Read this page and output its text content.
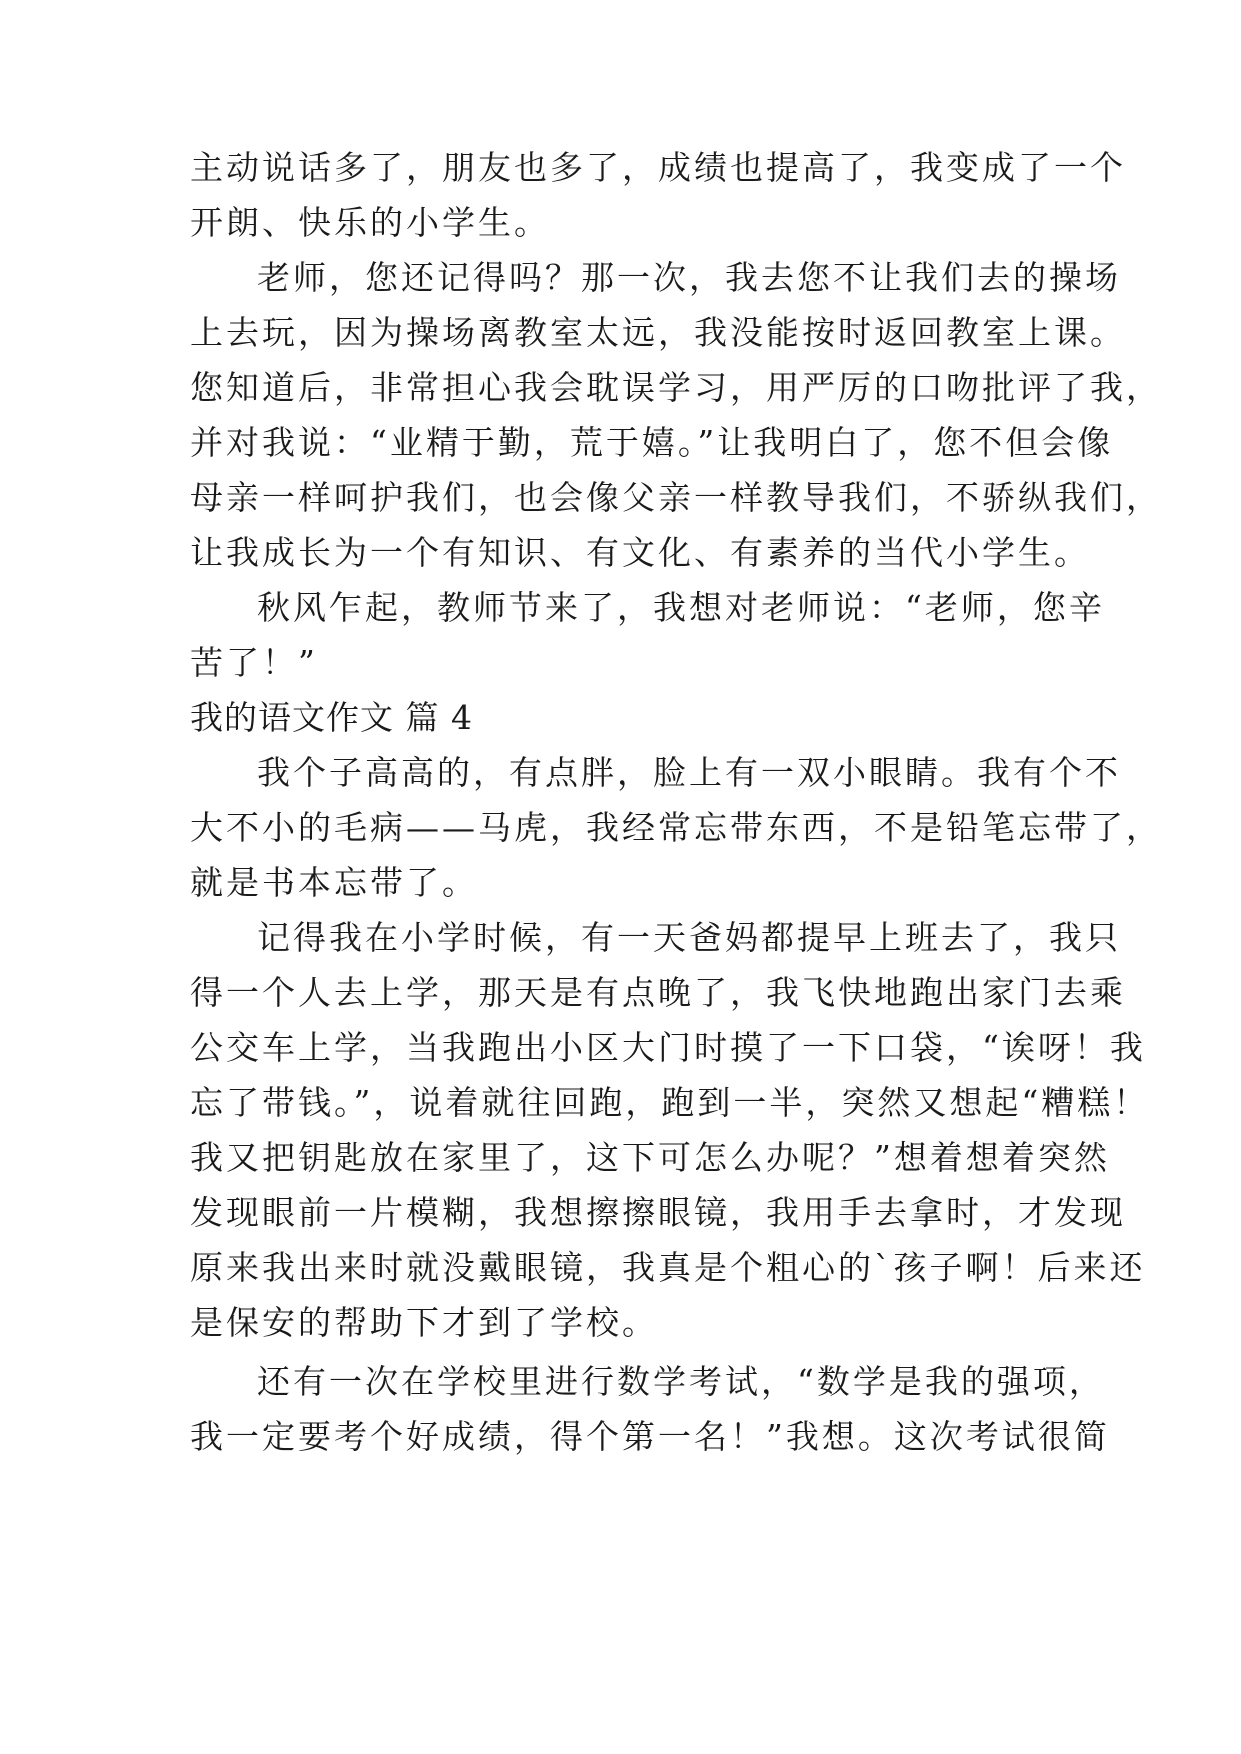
主动说话多了，朋友也多了，成绩也提高了，我变成了一个
开朗、快乐的小学生。
老师，您还记得吗？那一次，我去您不让我们去的操场
上去玩，因为操场离教室太远，我没能按时返回教室上课。
您知道后，非常担心我会耽误学习，用严厉的口吻批评了我，
并对我说：“业精于勤，荒于嬉。”让我明白了，您不但会像
母亲一样呵护我们，也会像父亲一样教导我们，不骄纵我们，
让我成长为一个有知识、有文化、有素养的当代小学生。
秋风乍起，教师节来了，我想对老师说：“老师，您辛
苦了！”
我的语文作文 篇 4
我个子高高的，有点胖，脸上有一双小眼睛。我有个不
大不小的毛病——马虎，我经常忘带东西，不是铅笔忘带了，
就是书本忘带了。
记得我在小学时候，有一天爸妈都提早上班去了，我只
得一个人去上学，那天是有点晚了，我飞快地跑出家门去乘
公交车上学，当我跑出小区大门时摸了一下口袋，“诶呀！我
忘了带钱。”，说着就往回跑，跑到一半，突然又想起“糟糕！
我又把钥匙放在家里了，这下可怎么办呢？”想着想着突然
发现眼前一片模糊，我想擦擦眼镜，我用手去拿时，才发现
原来我出来时就没戴眼镜，我真是个粗心的`孩子啊！后来还
是保安的帮助下才到了学校。
还有一次在学校里进行数学考试，“数学是我的强项，
我一定要考个好成绩，得个第一名！”我想。这次考试很简
